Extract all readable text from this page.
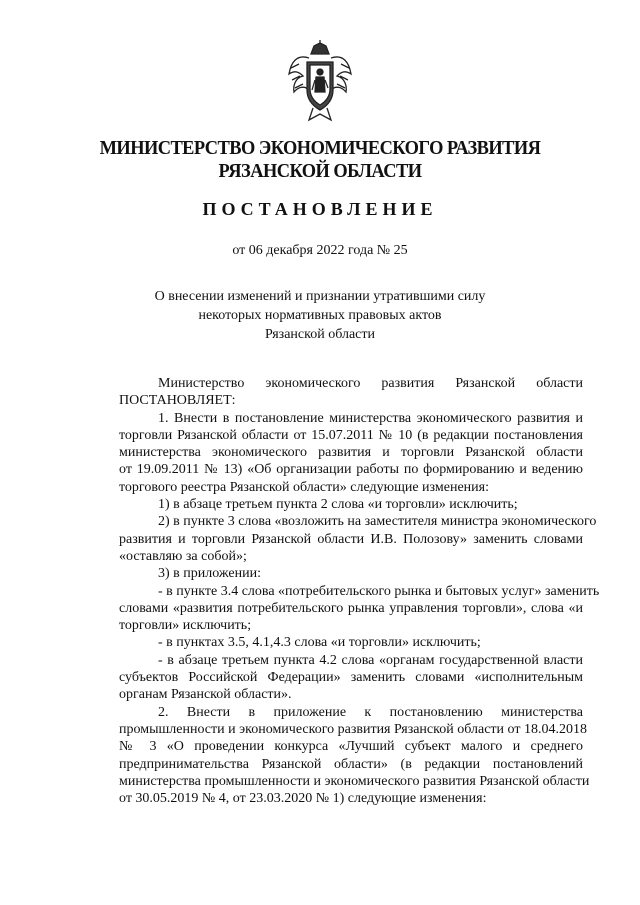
МИНИСТЕРСТВО ЭКОНОМИЧЕСКОГО РАЗВИТИЯ
РЯЗАНСКОЙ ОБЛАСТИ
ПОСТАНОВЛЕНИЕ
от 06 декабря 2022 года № 25
О внесении изменений и признании утратившими силу
некоторых нормативных правовых актов
Рязанской области
Министерство экономического развития Рязанской области
ПОСТАНОВЛЯЕТ:
1. Внести в постановление министерства экономического развития и
торговли Рязанской области от 15.07.2011 № 10 (в редакции постановления
министерства экономического развития и торговли Рязанской области
от 19.09.2011 № 13) «Об организации работы по формированию и ведению
торгового реестра Рязанской области» следующие изменения:
1) в абзаце третьем пункта 2 слова «и торговли» исключить;
2) в пункте 3 слова «возложить на заместителя министра экономического
развития и торговли Рязанской области И.В. Полозову» заменить словами
«оставляю за собой»;
3) в приложении:
- в пункте 3.4 слова «потребительского рынка и бытовых услуг» заменить
словами «развития потребительского рынка управления торговли», слова «и
торговли» исключить;
- в пунктах 3.5, 4.1,4.3 слова «и торговли» исключить;
- в абзаце третьем пункта 4.2 слова «органам государственной власти
субъектов Российской Федерации» заменить словами «исполнительным
органам Рязанской области».
2. Внести в приложение к постановлению министерства
промышленности и экономического развития Рязанской области от 18.04.2018
№ 3 «О проведении конкурса «Лучший субъект малого и среднего
предпринимательства Рязанской области» (в редакции постановлений
министерства промышленности и экономического развития Рязанской области
от 30.05.2019 № 4, от 23.03.2020 № 1) следующие изменения:
